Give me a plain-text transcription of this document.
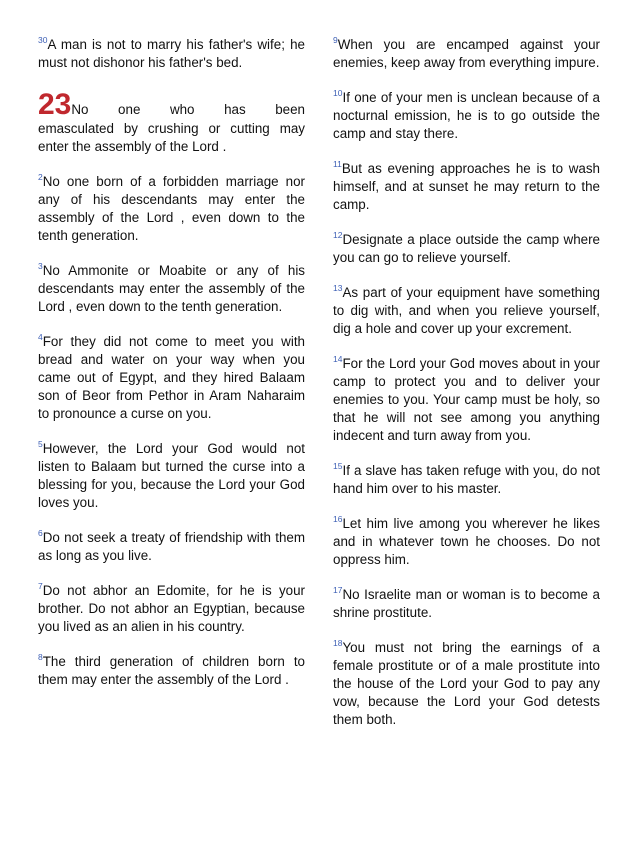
$^{30}$A man is not to marry his father's wife; he must not dishonor his father's bed.

23No one who has been
emasculated by crushing or cutting may enter the assembly of the Lord .

$^2$No one born of a forbidden marriage nor any of his descendants may enter the assembly of the Lord , even down to the tenth generation.

$^3$No Ammonite or Moabite or any of his descendants may enter the assembly of the Lord , even down to the tenth generation.

$^4$For they did not come to meet you with bread and water on your way when you came out of Egypt, and they hired Balaam son of Beor from Pethor in Aram Naharaim to pronounce a curse on you.

$^5$However, the Lord your God would not listen to Balaam but turned the curse into a blessing for you, because the Lord your God loves you.

$^6$Do not seek a treaty of friendship with them as long as you live.

$^7$Do not abhor an Edomite, for he is your brother. Do not abhor an Egyptian, because you lived as an alien in his country.

$^8$The third generation of children born to them may enter the assembly of the Lord .

$^9$When you are encamped against your enemies, keep away from everything impure.

$^{10}$If one of your men is unclean because of a nocturnal emission, he is to go outside the camp and stay there.

$^{11}$But as evening approaches he is to wash himself, and at sunset he may return to the camp.

$^{12}$Designate a place outside the camp where you can go to relieve yourself.

$^{13}$As part of your equipment have something to dig with, and when you relieve yourself, dig a hole and cover up your excrement.

$^{14}$For the Lord your God moves about in your camp to protect you and to deliver your enemies to you. Your camp must be holy, so that he will not see among you anything indecent and turn away from you.

$^{15}$If a slave has taken refuge with you, do not hand him over to his master.

$^{16}$Let him live among you wherever he likes and in whatever town he chooses. Do not oppress him.

$^{17}$No Israelite man or woman is to become a shrine prostitute.

$^{18}$You must not bring the earnings of a female prostitute or of a male prostitute into the house of the Lord your God to pay any vow, because the Lord your God detests them both.
